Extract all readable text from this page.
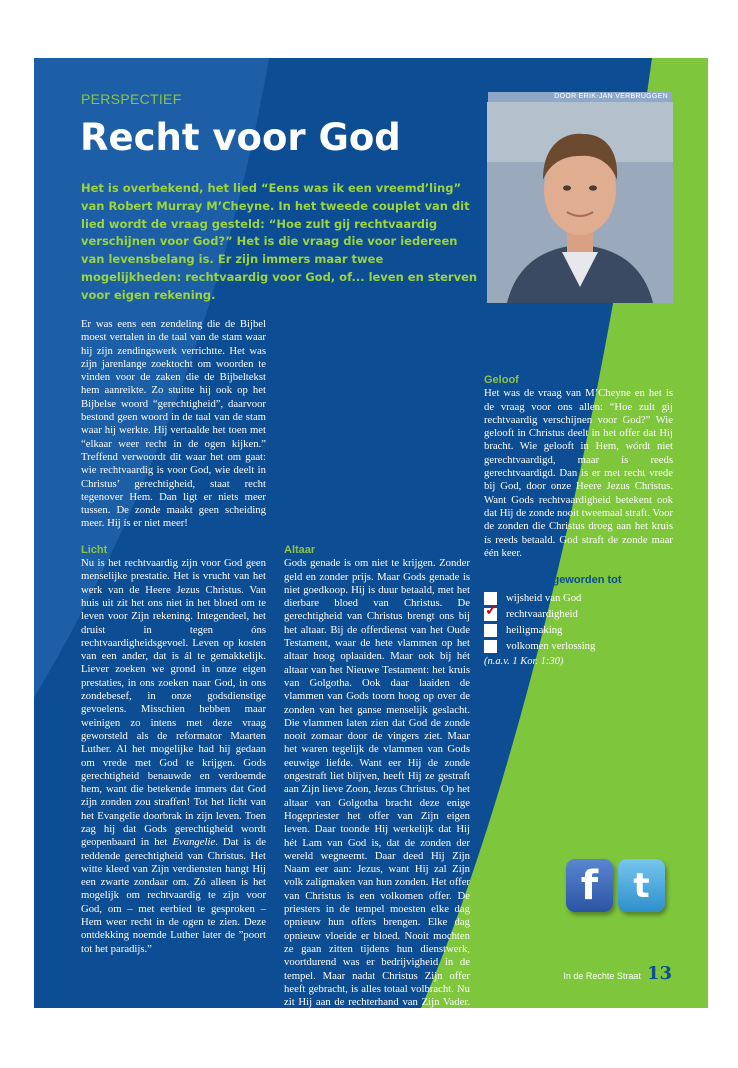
PERSPECTIEF	DOOR ERIK-JAN VERBRUGGEN
Recht voor God

Het is overbekend, het lied “Eens was ik een vreemd’ling” van Robert Murray M’Cheyne. In het tweede couplet van dit lied wordt de vraag gesteld: “Hoe zult gij rechtvaardig verschijnen voor God?” Het is die vraag die voor iedereen van levensbelang is. Er zijn immers maar twee mogelijkheden: rechtvaardig voor God, of... leven en sterven voor eigen rekening.

Er was eens een zendeling die de Bijbel moest vertalen in de taal van de stam waar hij zijn zendingswerk verrichtte. Het was zijn jarenlange zoektocht om woorden te vinden voor de zaken die de Bijbeltekst hem aanreikte. Zo stuitte hij ook op het Bijbelse woord “gerechtigheid”, daarvoor bestond geen woord in de taal van de stam waar hij werkte. Hij vertaalde het toen met “elkaar weer recht in de ogen kijken.” Treffend verwoordt dit waar het om gaat: wie rechtvaardig is voor God, wie deelt in Christus’ gerechtigheid, staat recht tegenover Hem. Dan ligt er niets meer tussen. De zonde maakt geen scheiding meer. Hij ís er niet meer!

Licht

Nu is het rechtvaardig zijn voor God geen menselijke prestatie. Het is vrucht van het werk van de Heere Jezus Christus. Van huis uit zit het ons niet in het bloed om te leven voor Zijn rekening. Integendeel, het druist in tegen óns rechtvaardigheidsgevoel. Leven op kosten van een ander, dat is ál te gemakkelijk. Liever zoeken we grond in onze eigen prestaties, in ons zoeken naar God, in ons zondebesef, in onze godsdienstige gevoelens. Misschien hebben maar weinigen zo intens met deze vraag geworsteld als de reformator Maarten Luther. Al het mogelijke had hij gedaan om vrede met God te krijgen. Gods gerechtigheid benauwde en verdoemde hem, want die betekende immers dat God zijn zonden zou straffen! Tot het licht van het Evangelie doorbrak in zijn leven. Toen zag hij dat Gods gerechtigheid wordt geopenbaard in het Evangelie. Dat is de reddende gerechtigheid van Christus. Het witte kleed van Zijn verdiensten hangt Hij een zwarte zondaar om. Zó alleen is het mogelijk om rechtvaardig te zijn voor God, om – met eerbied te gesproken – Hem weer recht in de ogen te zien. Deze ontdekking noemde Luther later de ”poort tot het paradijs.”

Altaar

Gods genade is om niet te krijgen. Zonder geld en zonder prijs. Maar Gods genade is niet goedkoop. Hij is duur betaald, met het dierbare bloed van Christus. De gerechtigheid van Christus brengt ons bij het altaar. Bij de offerdienst van het Oude Testament, waar de hete vlammen op het altaar hoog oplaaiden. Maar ook bij hét altaar van het Nieuwe Testament: het kruis van Golgotha. Ook daar laaiden de vlammen van Gods toorn hoog op over de zonden van het ganse menselijk geslacht. Die vlammen laten zien dat God de zonde nooit zomaar door de vingers ziet. Maar het waren tegelijk de vlammen van Gods eeuwige liefde. Want eer Hij de zonde ongestraft liet blijven, heeft Hij ze gestraft aan Zijn lieve Zoon, Jezus Christus. Op het altaar van Golgotha bracht deze enige Hogepriester het offer van Zijn eigen leven. Daar toonde Hij werkelijk dat Hij hét Lam van God is, dat de zonden der wereld wegneemt. Daar deed Hij Zijn Naam eer aan: Jezus, want Hij zal Zijn volk zaligmaken van hun zonden. Het offer van Christus is een volkomen offer. De priesters in de tempel moesten elke dag opnieuw hun offers brengen. Elke dag opnieuw vloeide er bloed. Nooit mochten ze gaan zitten tijdens hun dienstwerk, voortdurend was er bedrijvigheid in de tempel. Maar nadat Christus Zijn offer heeft gebracht, is alles totaal volbracht. Nu zit Hij aan de rechterhand van Zijn Vader. Het werk is gedaan en het is volkomen gedaan. De toegang tot de troon van God is vrij, ingewijd door het bloed van Christus. Zijn werk is volkomen.

Geloof

Het was de vraag van M’Cheyne en het is de vraag voor ons allen: “Hoe zult gij rechtvaardig verschijnen voor God?” Wie gelooft in Christus deelt in het offer dat Hij bracht. Wie gelooft in Hem, wórdt niet gerechtvaardigd, maar ís reeds gerechtvaardigd. Dan is er met recht vrede bij God, door onze Heere Jezus Christus. Want Gods rechtvaardigheid betekent ook dat Hij de zonde nooit tweemaal straft. Voor de zonden die Christus droeg aan het kruis ís reeds betaald. God straft de zonde maar één keer.

Jezus is ons geworden tot
wijsheid van God
✓ rechtvaardigheid
heiligmaking
volkomen verlossing
(n.a.v. 1 Kor. 1:30)
f t
In de Rechte Straat 13
